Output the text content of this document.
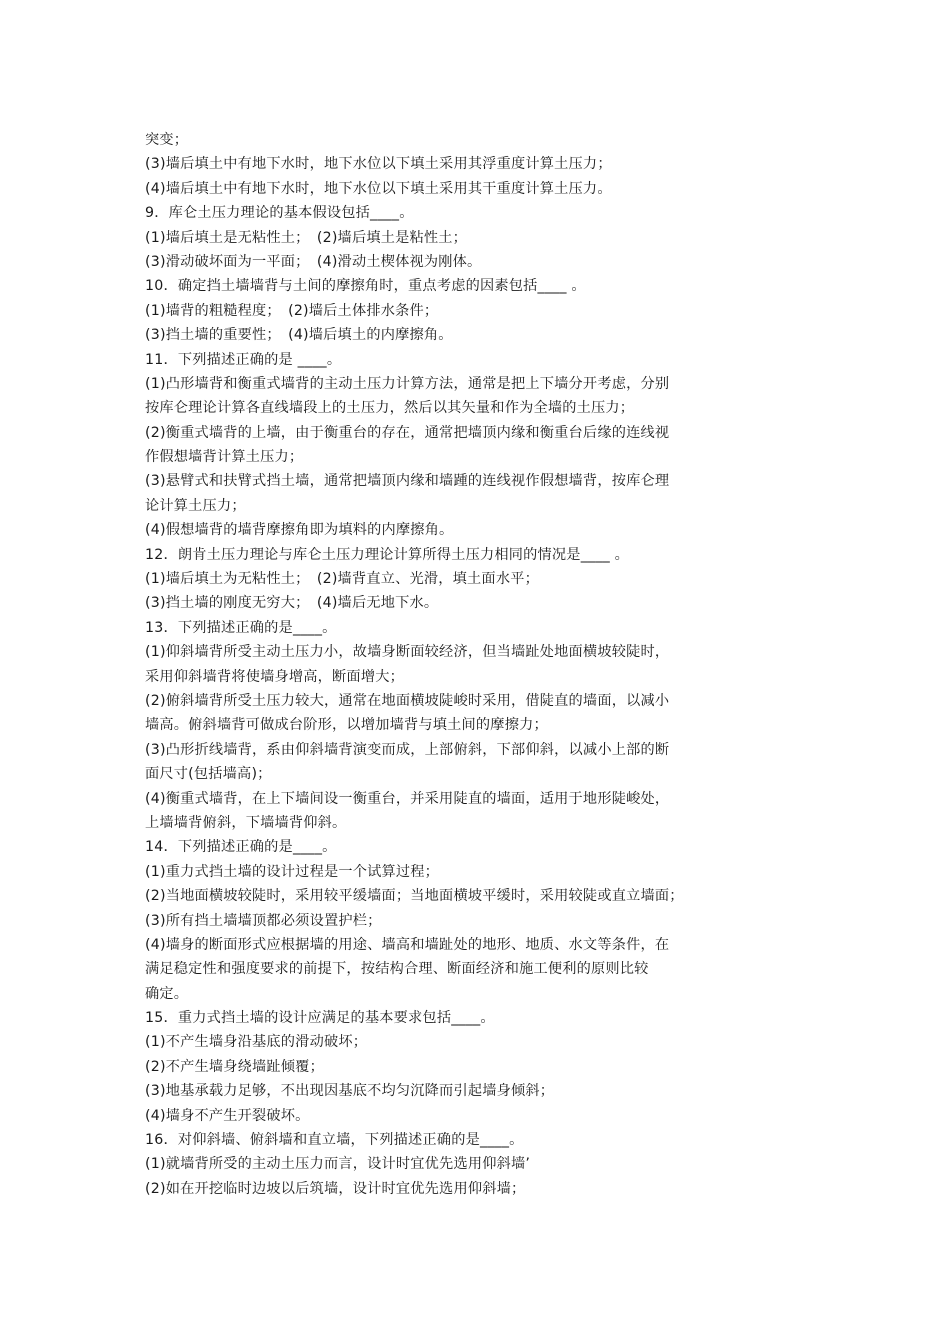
突变；
(3)墙后填土中有地下水时，地下水位以下填土采用其浮重度计算土压力；
(4)墙后填土中有地下水时，地下水位以下填土采用其干重度计算土压力。
9．库仑土压力理论的基本假设包括____。
(1)墙后填土是无粘性土；　(2)墙后填土是粘性土；
(3)滑动破坏面为一平面；　(4)滑动土楔体视为刚体。
10．确定挡土墙墙背与土间的摩擦角时，重点考虑的因素包括____ 。
(1)墙背的粗糙程度；　(2)墙后土体排水条件；
(3)挡土墙的重要性；　(4)墙后填土的内摩擦角。
11．下列描述正确的是 ____。
(1)凸形墙背和衡重式墙背的主动土压力计算方法，通常是把上下墙分开考虑，分别
按库仑理论计算各直线墙段上的土压力，然后以其矢量和作为全墙的土压力；
(2)衡重式墙背的上墙，由于衡重台的存在，通常把墙顶内缘和衡重台后缘的连线视
作假想墙背计算土压力；
(3)悬臂式和扶臂式挡土墙，通常把墙顶内缘和墙踵的连线视作假想墙背，按库仑理
论计算土压力；
(4)假想墙背的墙背摩擦角即为填料的内摩擦角。
12．朗肯土压力理论与库仑土压力理论计算所得土压力相同的情况是____ 。
(1)墙后填土为无粘性土；　(2)墙背直立、光滑，填土面水平；
(3)挡土墙的刚度无穷大；　(4)墙后无地下水。
13．下列描述正确的是____。
(1)仰斜墙背所受主动土压力小，故墙身断面较经济，但当墙趾处地面横坡较陡时，
采用仰斜墙背将使墙身增高，断面增大；
(2)俯斜墙背所受土压力较大，通常在地面横坡陡峻时采用，借陡直的墙面，以减小
墙高。俯斜墙背可做成台阶形，以增加墙背与填土间的摩擦力；
(3)凸形折线墙背，系由仰斜墙背演变而成，上部俯斜，下部仰斜，以减小上部的断
面尺寸(包括墙高)；
(4)衡重式墙背，在上下墙间设一衡重台，并采用陡直的墙面，适用于地形陡峻处，
上墙墙背俯斜，下墙墙背仰斜。
14．下列描述正确的是____。
(1)重力式挡土墙的设计过程是一个试算过程；
(2)当地面横坡较陡时，采用较平缓墙面；当地面横坡平缓时，采用较陡或直立墙面；
(3)所有挡土墙墙顶都必须设置护栏；
(4)墙身的断面形式应根据墙的用途、墙高和墙趾处的地形、地质、水文等条件，在
满足稳定性和强度要求的前提下，按结构合理、断面经济和施工便利的原则比较
确定。
15．重力式挡土墙的设计应满足的基本要求包括____。
(1)不产生墙身沿基底的滑动破坏；
(2)不产生墙身绕墙趾倾覆；
(3)地基承载力足够，不出现因基底不均匀沉降而引起墙身倾斜；
(4)墙身不产生开裂破坏。
16．对仰斜墙、俯斜墙和直立墙，下列描述正确的是____。
(1)就墙背所受的主动土压力而言，设计时宜优先选用仰斜墙’
(2)如在开挖临时边坡以后筑墙，设计时宜优先选用仰斜墙；
